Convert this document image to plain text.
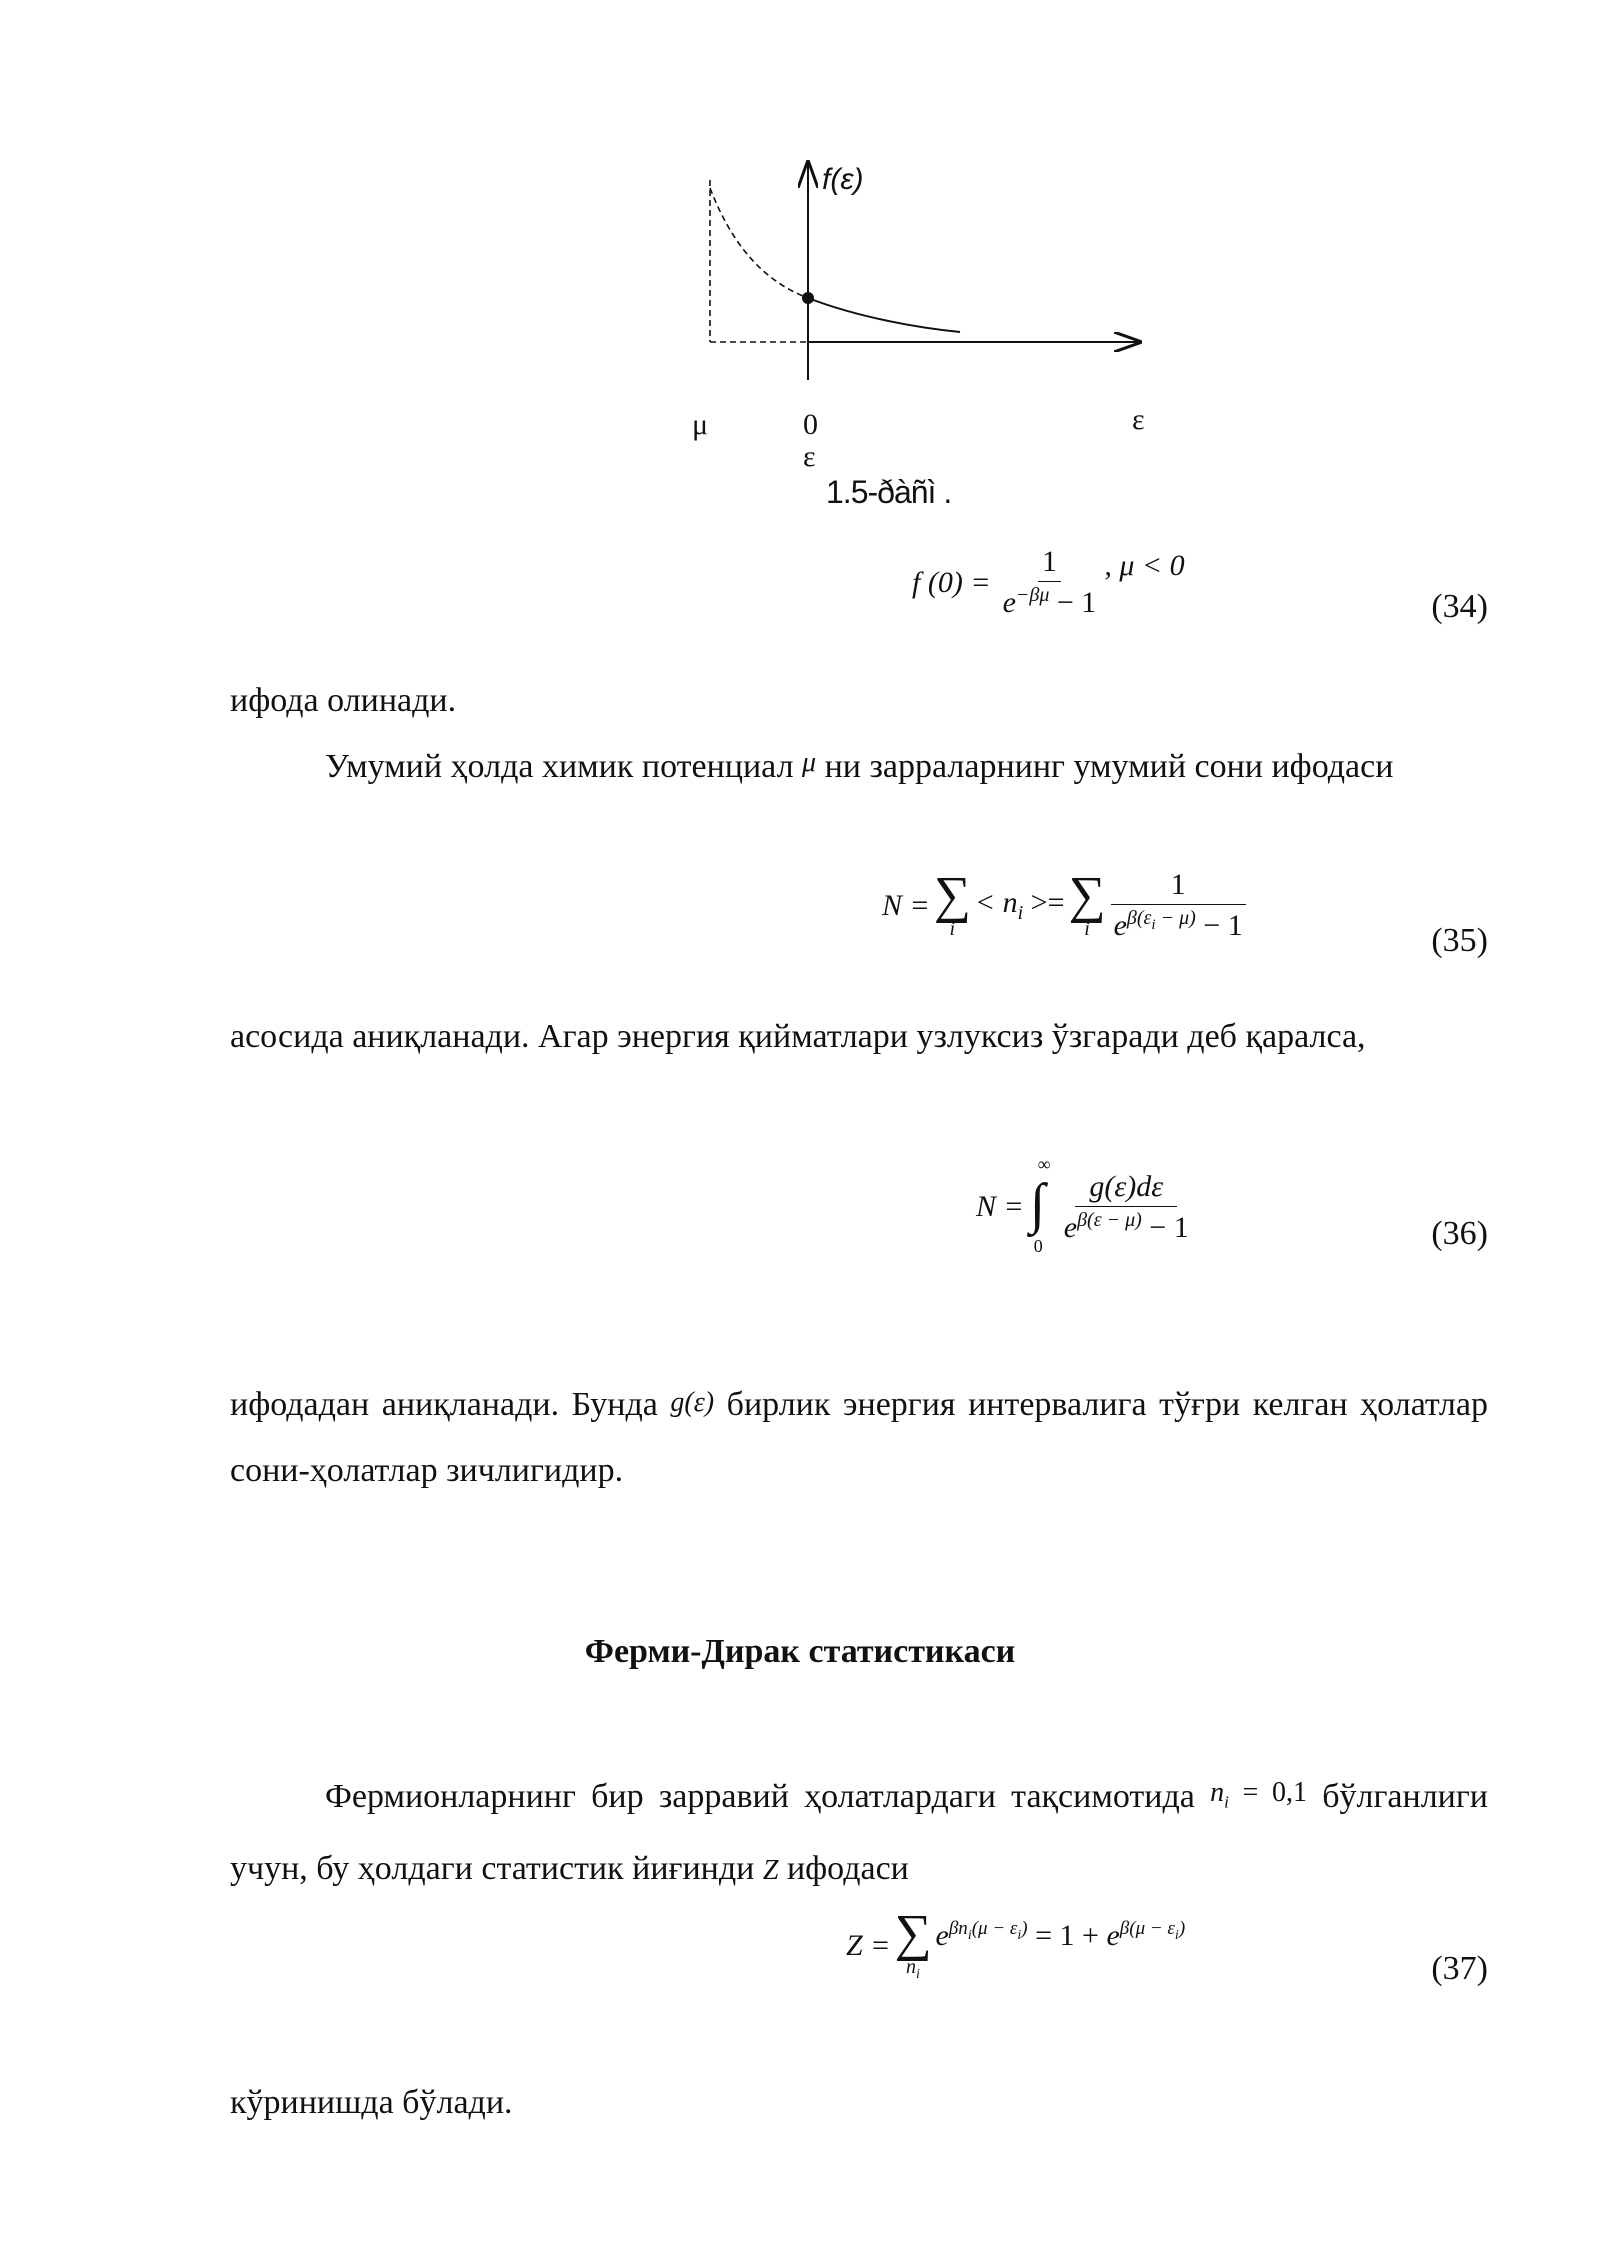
f(ε)
μ	0
ε
ε
1.5-ðàñì .
f $(0) = \frac{1}{e^{-\beta\mu} - 1}$ , μ < 0
(34)

ифода олинади.

Умумий ҳолда химик потенциал μ ни зарраларнинг умумий сони ифодаси

N = ∑
i
< $n_i$ >= ∑
i $\frac{1}{e^{\beta(\varepsilon_i - \mu)} - 1}$	(35)

асосида аниқланади. Агар энергия қийматлари узлуксиз ўзгаради деб қаралса,

N =
∞
∫
0
$\frac{g(\varepsilon)d\varepsilon}{e^{\beta(\varepsilon - \mu)} - 1}$	(36)

ифодадан аниқланади. Бунда g(ε) бирлик энергия интервалига тўғри келган ҳолатлар сони-ҳолатлар зичлигидир.

Ферми-Дирак статистикаси

Фермионларнинг бир зарравий ҳолатлардаги тақсимотида $n_i = 0,1$ бўлганлиги учун, бу ҳолдаги статистик йиғинди Z ифодаси

Z = ∑
$n_i$
$e^{\beta n_i(\mu - \varepsilon_i)} = 1 + e^{\beta(\mu - \varepsilon_i)}$
(37)

кўринишда бўлади.
